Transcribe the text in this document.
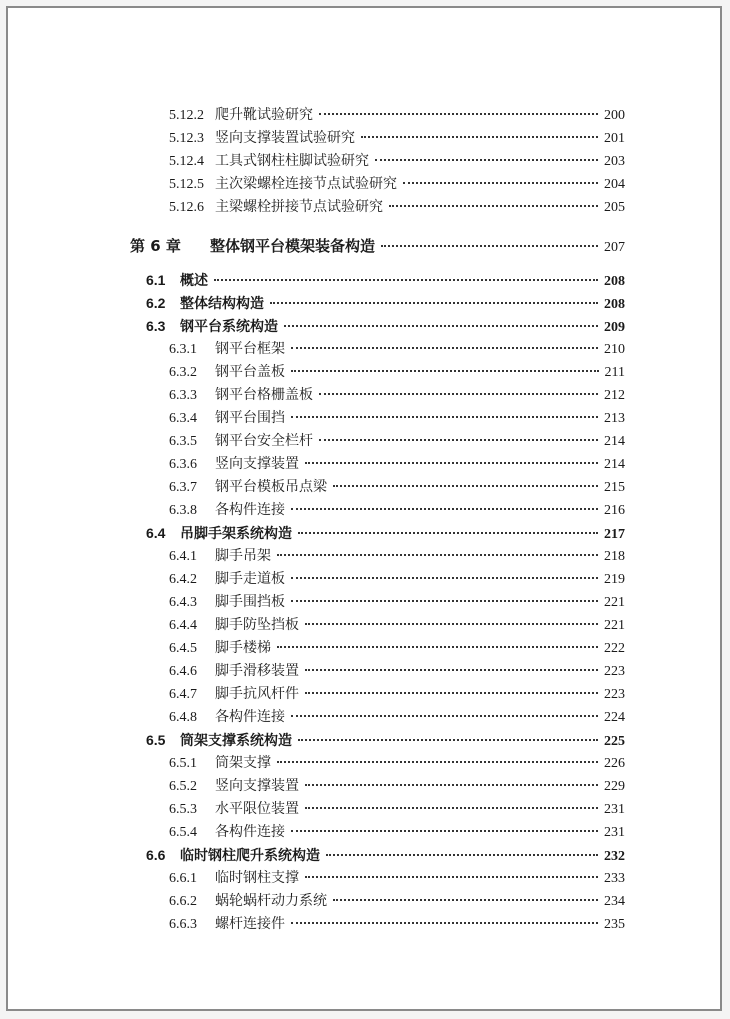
5.12.2 爬升靴试验研究	200
5.12.3 竖向支撑装置试验研究	201
5.12.4 工具式钢柱柱脚试验研究	203
5.12.5 主次梁螺栓连接节点试验研究	204
5.12.6 主梁螺栓拼接节点试验研究	205
第 6 章	整体钢平台模架装备构造	207
6.1	概述	208
6.2	整体结构构造	208
6.3	钢平台系统构造	209
6.3.1	钢平台框架	210
6.3.2	钢平台盖板	211
6.3.3	钢平台格栅盖板	212
6.3.4	钢平台围挡	213
6.3.5	钢平台安全栏杆	214
6.3.6	竖向支撑装置	214
6.3.7	钢平台模板吊点梁	215
6.3.8	各构件连接	216
6.4	吊脚手架系统构造	217
6.4.1	脚手吊架	218
6.4.2	脚手走道板	219
6.4.3	脚手围挡板	221
6.4.4	脚手防坠挡板	221
6.4.5	脚手楼梯	222
6.4.6	脚手滑移装置	223
6.4.7	脚手抗风杆件	223
6.4.8	各构件连接	224
6.5	筒架支撑系统构造	225
6.5.1	筒架支撑	226
6.5.2	竖向支撑装置	229
6.5.3	水平限位装置	231
6.5.4	各构件连接	231
6.6	临时钢柱爬升系统构造	232
6.6.1	临时钢柱支撑	233
6.6.2	蜗轮蜗杆动力系统	234
6.6.3	螺杆连接件	235
